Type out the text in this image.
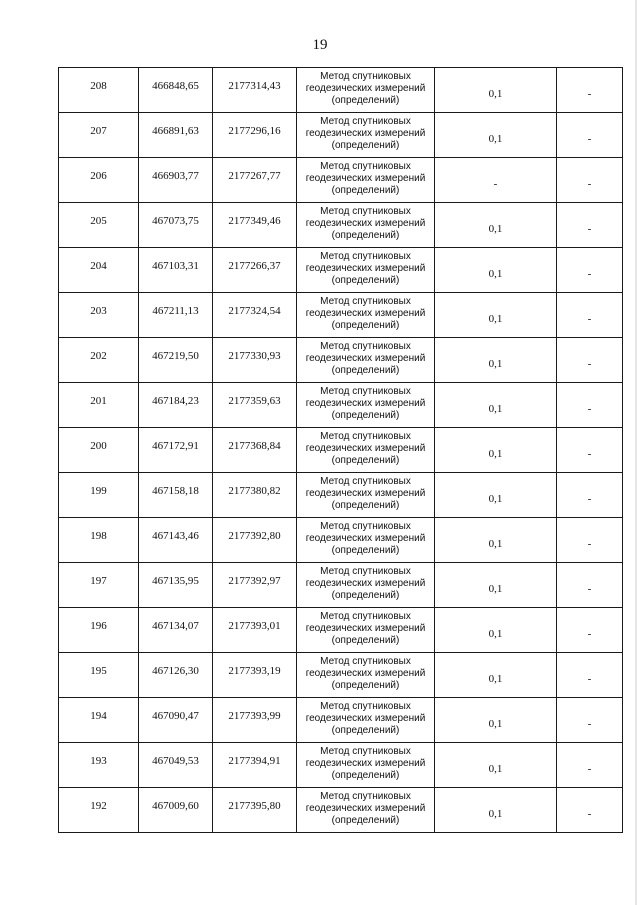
19
208	466848,65	2177314,43	Метод спутниковых
геодезических измерений
(определений)	0,1	-
207	466891,63	2177296,16	Метод спутниковых
геодезических измерений
(определений)	0,1	-
206	466903,77	2177267,77	Метод спутниковых
геодезических измерений
(определений)	-	-
205	467073,75	2177349,46	Метод спутниковых
геодезических измерений
(определений)	0,1	-
204	467103,31	2177266,37	Метод спутниковых
геодезических измерений
(определений)	0,1	-
203	467211,13	2177324,54	Метод спутниковых
геодезических измерений
(определений)	0,1	-
202	467219,50	2177330,93	Метод спутниковых
геодезических измерений
(определений)	0,1	-
201	467184,23	2177359,63	Метод спутниковых
геодезических измерений
(определений)	0,1	-
200	467172,91	2177368,84	Метод спутниковых
геодезических измерений
(определений)	0,1	-
199	467158,18	2177380,82	Метод спутниковых
геодезических измерений
(определений)	0,1	-
198	467143,46	2177392,80	Метод спутниковых
геодезических измерений
(определений)	0,1	-
197	467135,95	2177392,97	Метод спутниковых
геодезических измерений
(определений)	0,1	-
196	467134,07	2177393,01	Метод спутниковых
геодезических измерений
(определений)	0,1	-
195	467126,30	2177393,19	Метод спутниковых
геодезических измерений
(определений)	0,1	-
194	467090,47	2177393,99	Метод спутниковых
геодезических измерений
(определений)	0,1	-
193	467049,53	2177394,91	Метод спутниковых
геодезических измерений
(определений)	0,1	-
192	467009,60	2177395,80	Метод спутниковых
геодезических измерений
(определений)	0,1	-
